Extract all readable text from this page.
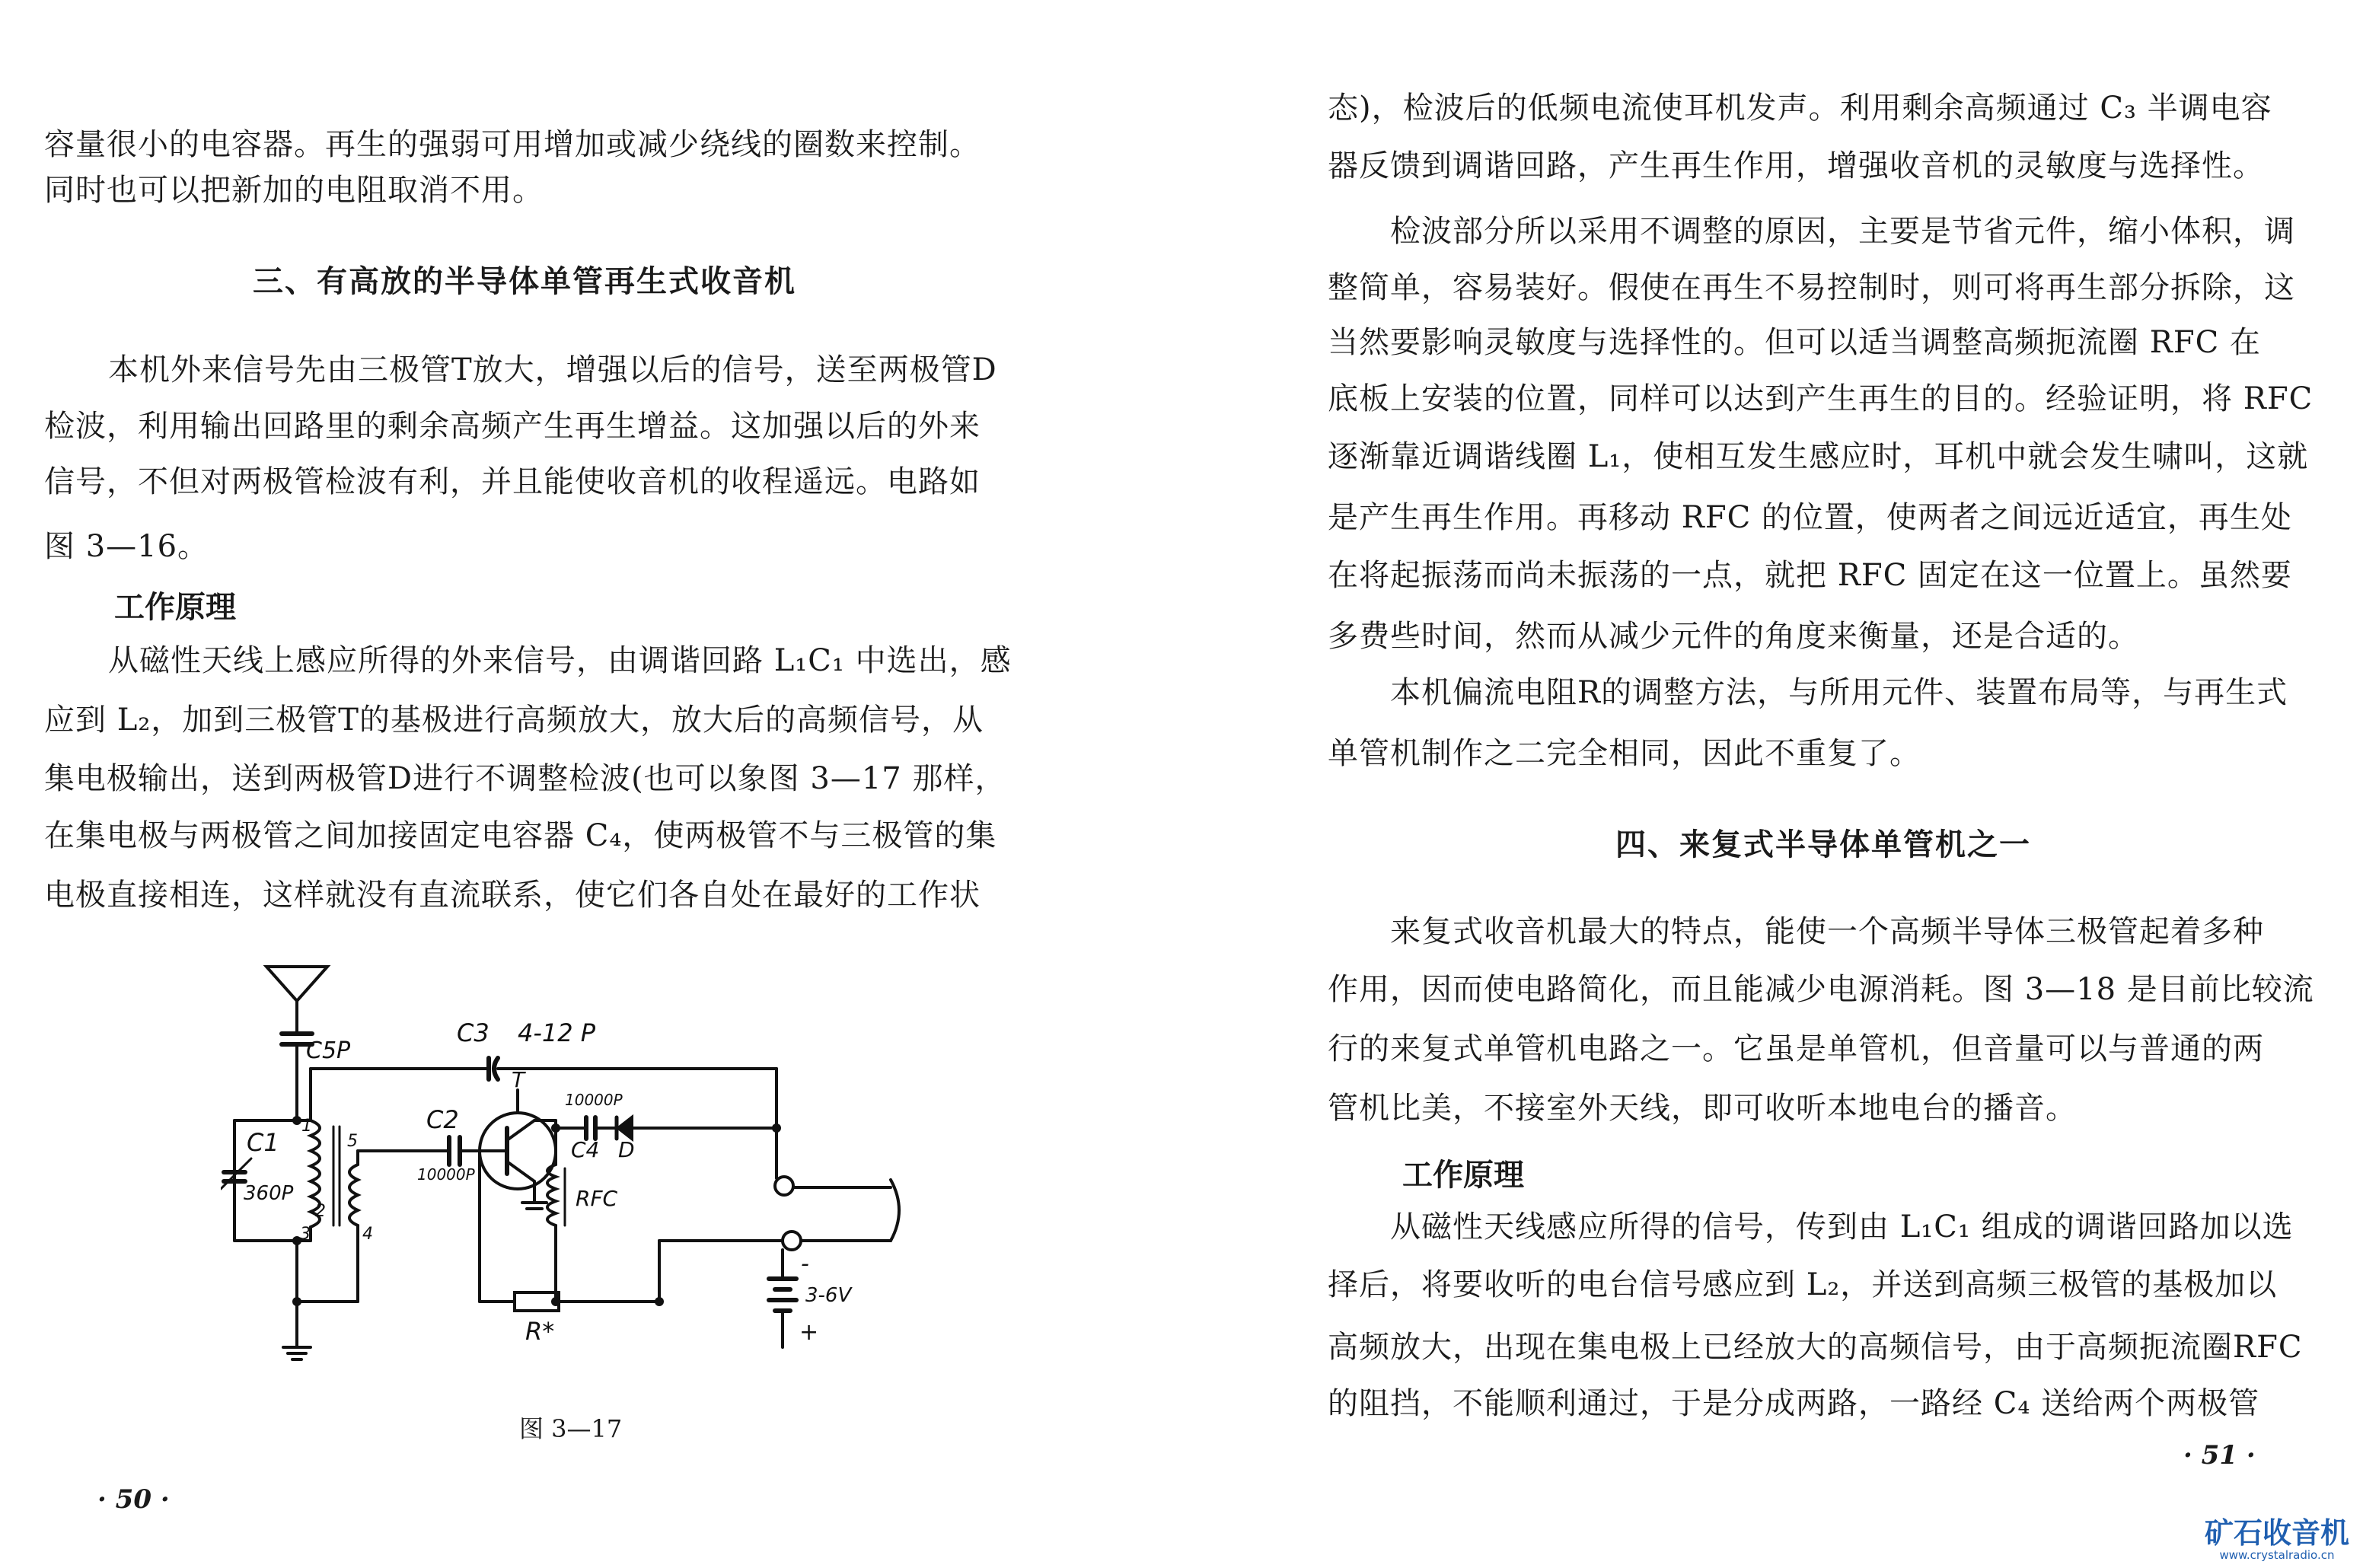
容量很小的电容器。再生的强弱可用增加或减少绕线的圈数来控制。

同时也可以把新加的电阻取消不用。

三、有高放的半导体单管再生式收音机

本机外来信号先由三极管T放大，增强以后的信号，送至两极管D

检波，利用输出回路里的剩余高频产生再生增益。这加强以后的外来

信号，不但对两极管检波有利，并且能使收音机的收程遥远。电路如

图 3—16。

工作原理

从磁性天线上感应所得的外来信号，由调谐回路 L₁C₁ 中选出，感

应到 L₂，加到三极管T的基极进行高频放大，放大后的高频信号，从

集电极输出，送到两极管D进行不调整检波(也可以象图 3—17 那样，

在集电极与两极管之间加接固定电容器 C₄，使两极管不与三极管的集

电极直接相连，这样就没有直流联系，使它们各自处在最好的工作状

C5P
C3 4-12 P
C1
360P
1
2
3	4
5
C2
10000P
T
10000P
C4 D
RFC
R*
3-6V
-
+

图 3—17

· 50 ·

态)，检波后的低频电流使耳机发声。利用剩余高频通过 C₃ 半调电容

器反馈到调谐回路，产生再生作用，增强收音机的灵敏度与选择性。

检波部分所以采用不调整的原因，主要是节省元件，缩小体积，调

整简单，容易装好。假使在再生不易控制时，则可将再生部分拆除，这

当然要影响灵敏度与选择性的。但可以适当调整高频扼流圈 RFC 在

底板上安装的位置，同样可以达到产生再生的目的。经验证明，将 RFC

逐渐靠近调谐线圈 L₁，使相互发生感应时，耳机中就会发生啸叫，这就

是产生再生作用。再移动 RFC 的位置，使两者之间远近适宜，再生处

在将起振荡而尚未振荡的一点，就把 RFC 固定在这一位置上。虽然要

多费些时间，然而从减少元件的角度来衡量，还是合适的。

本机偏流电阻R的调整方法，与所用元件、装置布局等，与再生式

单管机制作之二完全相同，因此不重复了。

四、来复式半导体单管机之一

来复式收音机最大的特点，能使一个高频半导体三极管起着多种

作用，因而使电路简化，而且能减少电源消耗。图 3—18 是目前比较流

行的来复式单管机电路之一。它虽是单管机，但音量可以与普通的两

管机比美，不接室外天线，即可收听本地电台的播音。

工作原理

从磁性天线感应所得的信号，传到由 L₁C₁ 组成的调谐回路加以选

择后，将要收听的电台信号感应到 L₂，并送到高频三极管的基极加以

高频放大，出现在集电极上已经放大的高频信号，由于高频扼流圈RFC

的阻挡，不能顺利通过，于是分成两路，一路经 C₄ 送给两个两极管

· 51 ·

矿石收音机
www.crystalradio.cn
